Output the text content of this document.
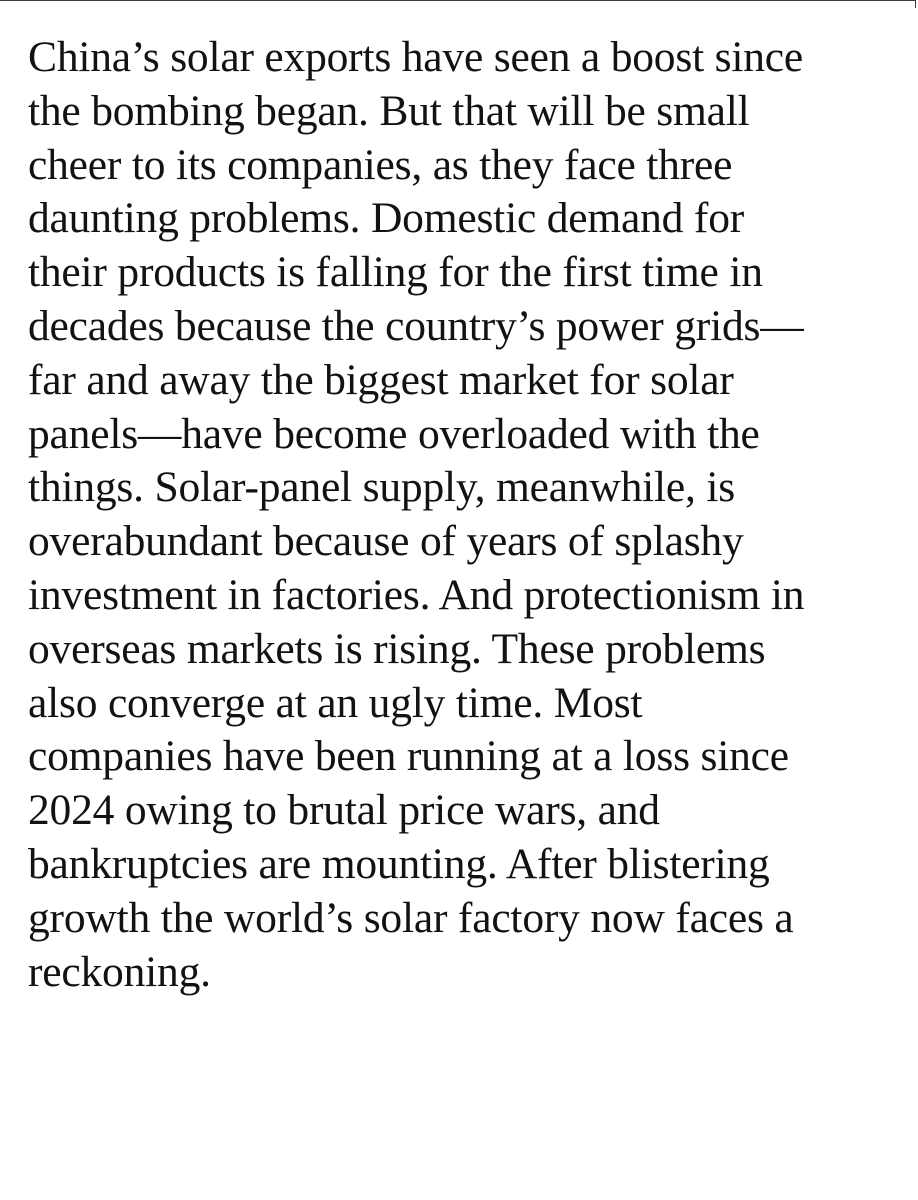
China’s solar exports have seen a boost since
the bombing began. But that will be small
cheer to its companies, as they face three
daunting problems. Domestic demand for
their products is falling for the first time in
decades because the country’s power grids—
far and away the biggest market for solar
panels—have become overloaded with the
things. Solar-panel supply, meanwhile, is
overabundant because of years of splashy
investment in factories. And protectionism in
overseas markets is rising. These problems
also converge at an ugly time. Most
companies have been running at a loss since
2024 owing to brutal price wars, and
bankruptcies are mounting. After blistering
growth the world’s solar factory now faces a
reckoning.
